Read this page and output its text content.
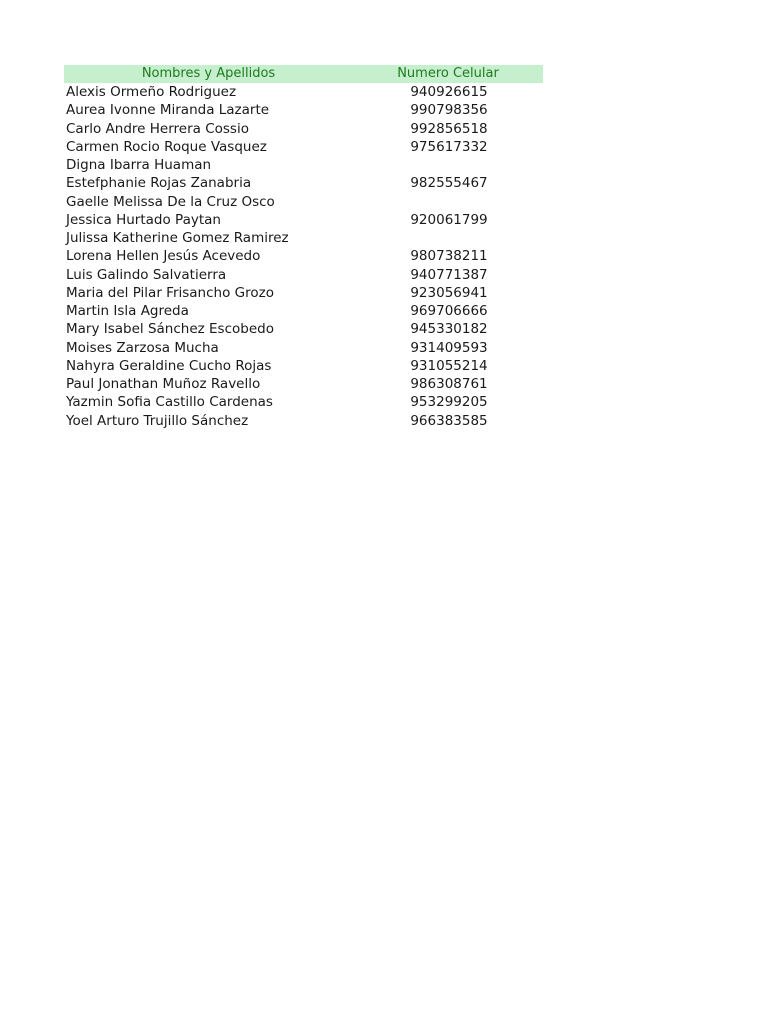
Nombres y Apellidos	Numero Celular
Alexis Ormeño Rodriguez	940926615
Aurea Ivonne Miranda Lazarte	990798356
Carlo Andre Herrera Cossio	992856518
Carmen Rocio Roque Vasquez	975617332
Digna Ibarra Huaman
Estefphanie Rojas Zanabria	982555467
Gaelle Melissa De la Cruz Osco
Jessica Hurtado Paytan	920061799
Julissa Katherine Gomez Ramirez
Lorena Hellen Jesús Acevedo	980738211
Luis Galindo Salvatierra	940771387
Maria del Pilar Frisancho Grozo	923056941
Martin Isla Agreda	969706666
Mary Isabel Sánchez Escobedo	945330182
Moises Zarzosa Mucha	931409593
Nahyra Geraldine Cucho Rojas	931055214
Paul Jonathan Muñoz Ravello	986308761
Yazmin Sofia Castillo Cardenas	953299205
Yoel Arturo Trujillo Sánchez	966383585
